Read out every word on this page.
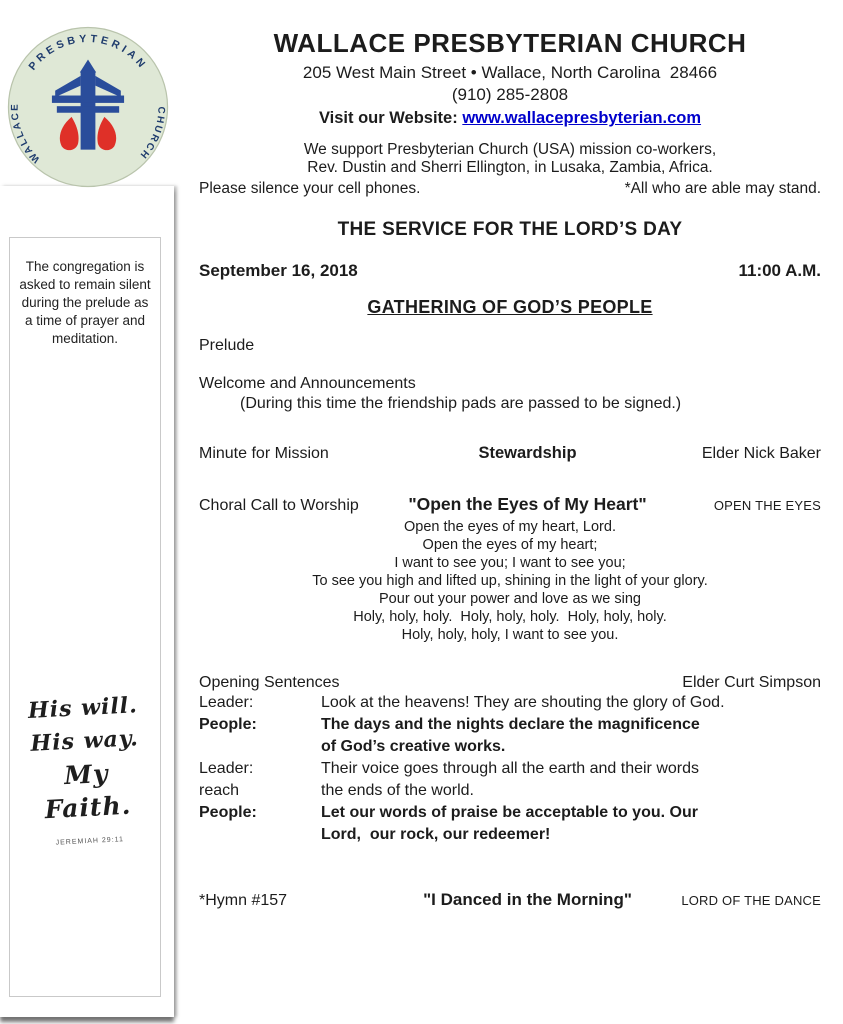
PRESBYTERIAN
WALLACE	CHURCH
The congregation is asked to remain silent during the prelude as a time of prayer and meditation.
His will.
His way.
My Faith.
JEREMIAH 29:11
WALLACE PRESBYTERIAN CHURCH
205 West Main Street • Wallace, North Carolina  28466
(910) 285-2808
Visit our Website: www.wallacepresbyterian.com
We support Presbyterian Church (USA) mission co-workers,
Rev. Dustin and Sherri Ellington, in Lusaka, Zambia, Africa.
Please silence your cell phones.	*All who are able may stand.
THE SERVICE FOR THE LORD’S DAY
September 16, 2018	11:00 A.M.
GATHERING OF GOD’S PEOPLE
Prelude
Welcome and Announcements
(During this time the friendship pads are passed to be signed.)
Minute for Mission	Stewardship	Elder Nick Baker
Choral Call to Worship	"Open the Eyes of My Heart"	OPEN THE EYES
Open the eyes of my heart, Lord.
Open the eyes of my heart;
I want to see you; I want to see you;
To see you high and lifted up, shining in the light of your glory.
Pour out your power and love as we sing
Holy, holy, holy.  Holy, holy, holy.  Holy, holy, holy.
Holy, holy, holy, I want to see you.
Opening Sentences	Elder Curt Simpson
Leader:	Look at the heavens! They are shouting the glory of God.
People:	The days and the nights declare the magnificence
of God’s creative works.
Leader:	Their voice goes through all the earth and their words
reach	the ends of the world.
People:	Let our words of praise be acceptable to you. Our
Lord,  our rock, our redeemer!
*Hymn #157	"I Danced in the Morning"	LORD OF THE DANCE
